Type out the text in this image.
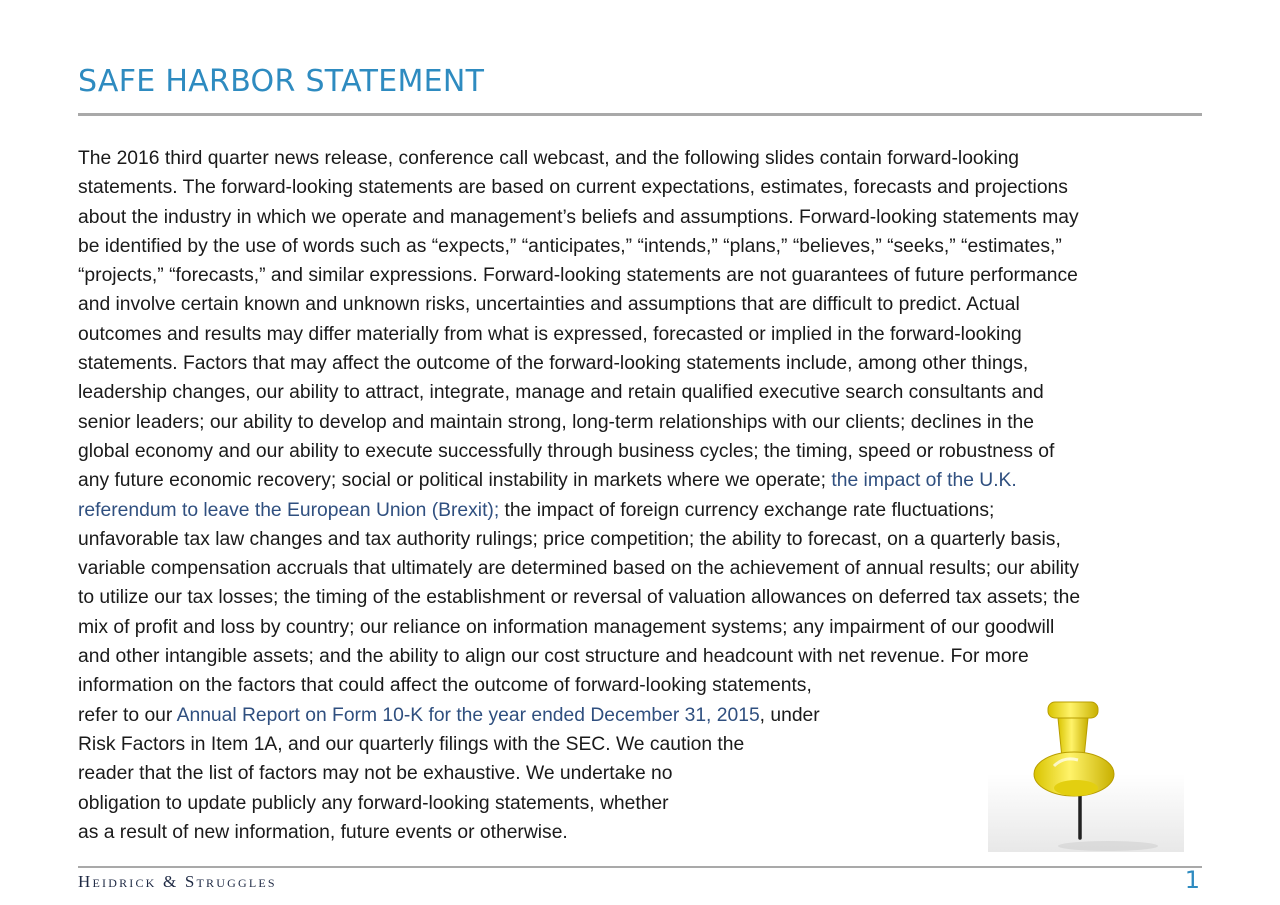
SAFE HARBOR STATEMENT
The 2016 third quarter news release, conference call webcast, and the following slides contain forward-looking
statements. The forward-looking statements are based on current expectations, estimates, forecasts and projections
about the industry in which we operate and management’s beliefs and assumptions. Forward-looking statements may
be identified by the use of words such as “expects,” “anticipates,” “intends,” “plans,” “believes,” “seeks,” “estimates,”
“projects,” “forecasts,” and similar expressions. Forward-looking statements are not guarantees of future performance
and involve certain known and unknown risks, uncertainties and assumptions that are difficult to predict. Actual
outcomes and results may differ materially from what is expressed, forecasted or implied in the forward-looking
statements. Factors that may affect the outcome of the forward-looking statements include, among other things,
leadership changes, our ability to attract, integrate, manage and retain qualified executive search consultants and
senior leaders; our ability to develop and maintain strong, long-term relationships with our clients; declines in the
global economy and our ability to execute successfully through business cycles; the timing, speed or robustness of
any future economic recovery; social or political instability in markets where we operate; the impact of the U.K.
referendum to leave the European Union (Brexit); the impact of foreign currency exchange rate fluctuations;
unfavorable tax law changes and tax authority rulings; price competition; the ability to forecast, on a quarterly basis,
variable compensation accruals that ultimately are determined based on the achievement of annual results; our ability
to utilize our tax losses; the timing of the establishment or reversal of valuation allowances on deferred tax assets; the
mix of profit and loss by country; our reliance on information management systems; any impairment of our goodwill
and other intangible assets; and the ability to align our cost structure and headcount with net revenue. For more
information on the factors that could affect the outcome of forward-looking statements,
refer to our Annual Report on Form 10-K for the year ended December 31, 2015, under
Risk Factors in Item 1A, and our quarterly filings with the SEC. We caution the
reader that the list of factors may not be exhaustive. We undertake no
obligation to update publicly any forward-looking statements, whether
as a result of new information, future events or otherwise.
Heidrick & Struggles	1
